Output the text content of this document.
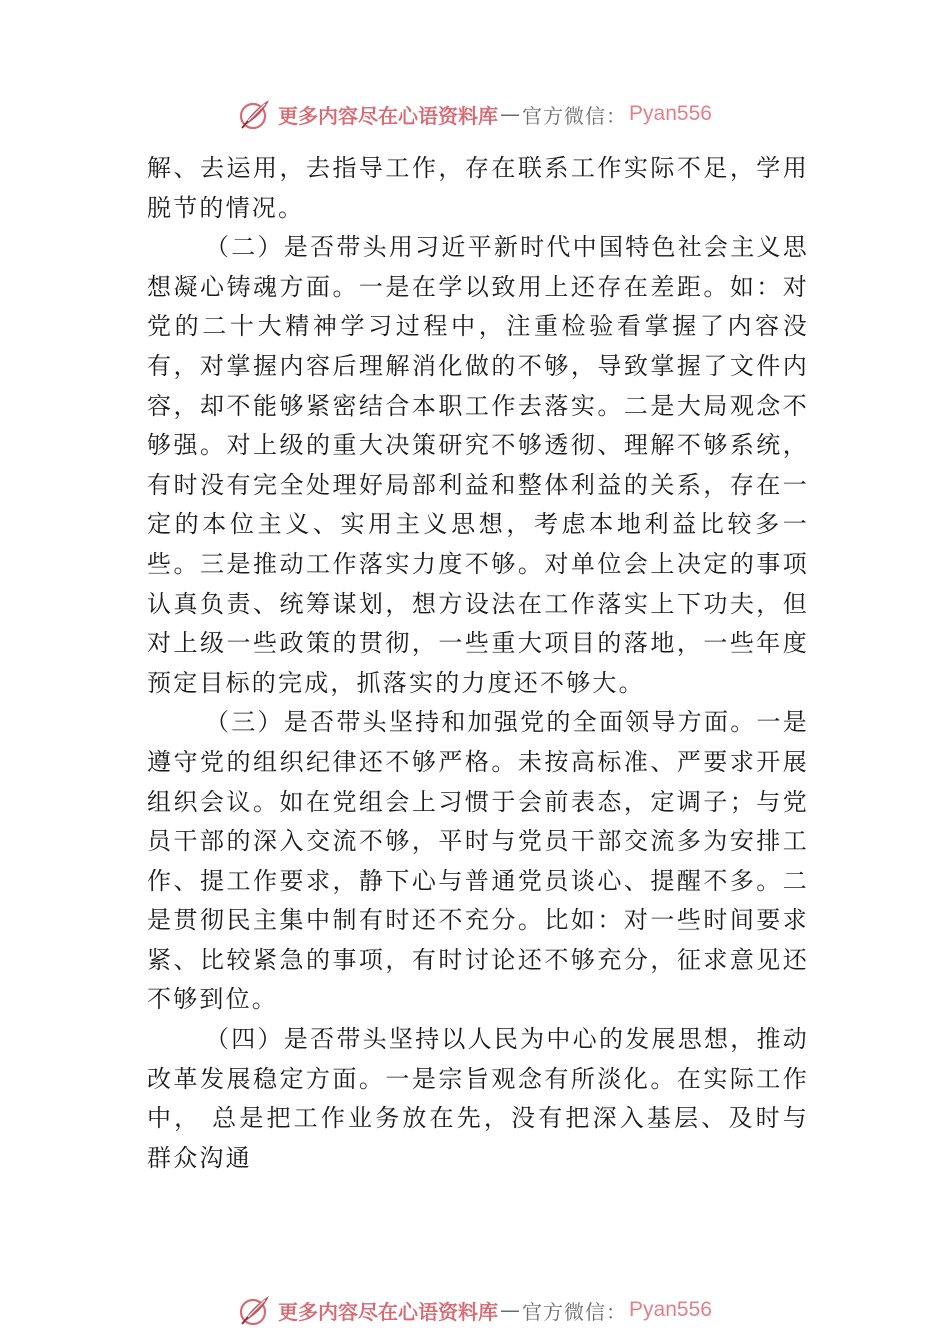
更多内容尽在心语资料库 — 官方微信： Pyan556

解、去运用，去指导工作，存在联系工作实际不足，学用脱节的情况。

（二）是否带头用习近平新时代中国特色社会主义思想凝心铸魂方面。一是在学以致用上还存在差距。如：对党的二十大精神学习过程中，注重检验看掌握了内容没有，对掌握内容后理解消化做的不够，导致掌握了文件内容，却不能够紧密结合本职工作去落实。二是大局观念不够强。对上级的重大决策研究不够透彻、理解不够系统，有时没有完全处理好局部利益和整体利益的关系，存在一定的本位主义、实用主义思想，考虑本地利益比较多一些。三是推动工作落实力度不够。对单位会上决定的事项认真负责、统筹谋划，想方设法在工作落实上下功夫，但对上级一些政策的贯彻，一些重大项目的落地，一些年度预定目标的完成，抓落实的力度还不够大。

（三）是否带头坚持和加强党的全面领导方面。一是遵守党的组织纪律还不够严格。未按高标准、严要求开展组织会议。如在党组会上习惯于会前表态，定调子；与党员干部的深入交流不够，平时与党员干部交流多为安排工作、提工作要求，静下心与普通党员谈心、提醒不多。二是贯彻民主集中制有时还不充分。比如：对一些时间要求紧、比较紧急的事项，有时讨论还不够充分，征求意见还不够到位。

（四）是否带头坚持以人民为中心的发展思想，推动改革发展稳定方面。一是宗旨观念有所淡化。在实际工作中， 总是把工作业务放在先，没有把深入基层、及时与群众沟通

更多内容尽在心语资料库 — 官方微信： Pyan556
